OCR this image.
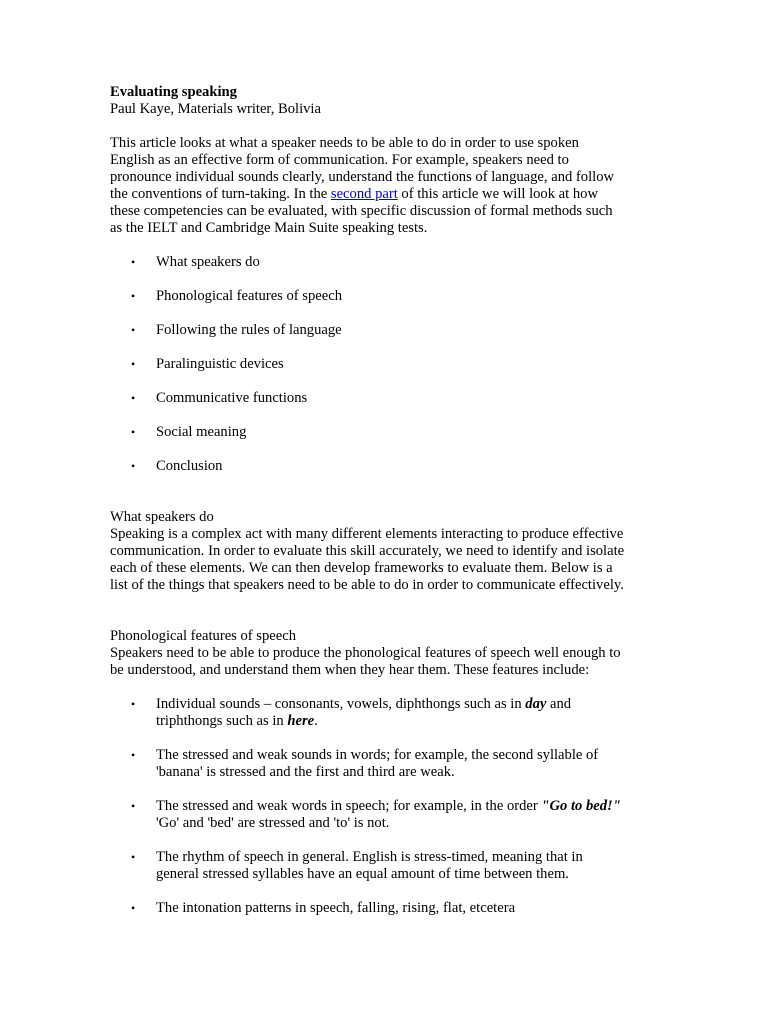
Evaluating speaking
Paul Kaye, Materials writer, Bolivia
This article looks at what a speaker needs to be able to do in order to use spoken
English as an effective form of communication. For example, speakers need to
pronounce individual sounds clearly, understand the functions of language, and follow
the conventions of turn-taking. In the second part of this article we will look at how
these competencies can be evaluated, with specific discussion of formal methods such
as the IELT and Cambridge Main Suite speaking tests.
• What speakers do
• Phonological features of speech
• Following the rules of language
• Paralinguistic devices
• Communicative functions
• Social meaning
• Conclusion
What speakers do
Speaking is a complex act with many different elements interacting to produce effective
communication. In order to evaluate this skill accurately, we need to identify and isolate
each of these elements. We can then develop frameworks to evaluate them. Below is a
list of the things that speakers need to be able to do in order to communicate effectively.
Phonological features of speech
Speakers need to be able to produce the phonological features of speech well enough to
be understood, and understand them when they hear them. These features include:
• Individual sounds – consonants, vowels, diphthongs such as in day and
triphthongs such as in here.
• The stressed and weak sounds in words; for example, the second syllable of
'banana' is stressed and the first and third are weak.
• The stressed and weak words in speech; for example, in the order "Go to bed!"
'Go' and 'bed' are stressed and 'to' is not.
• The rhythm of speech in general. English is stress-timed, meaning that in
general stressed syllables have an equal amount of time between them.
• The intonation patterns in speech, falling, rising, flat, etcetera
